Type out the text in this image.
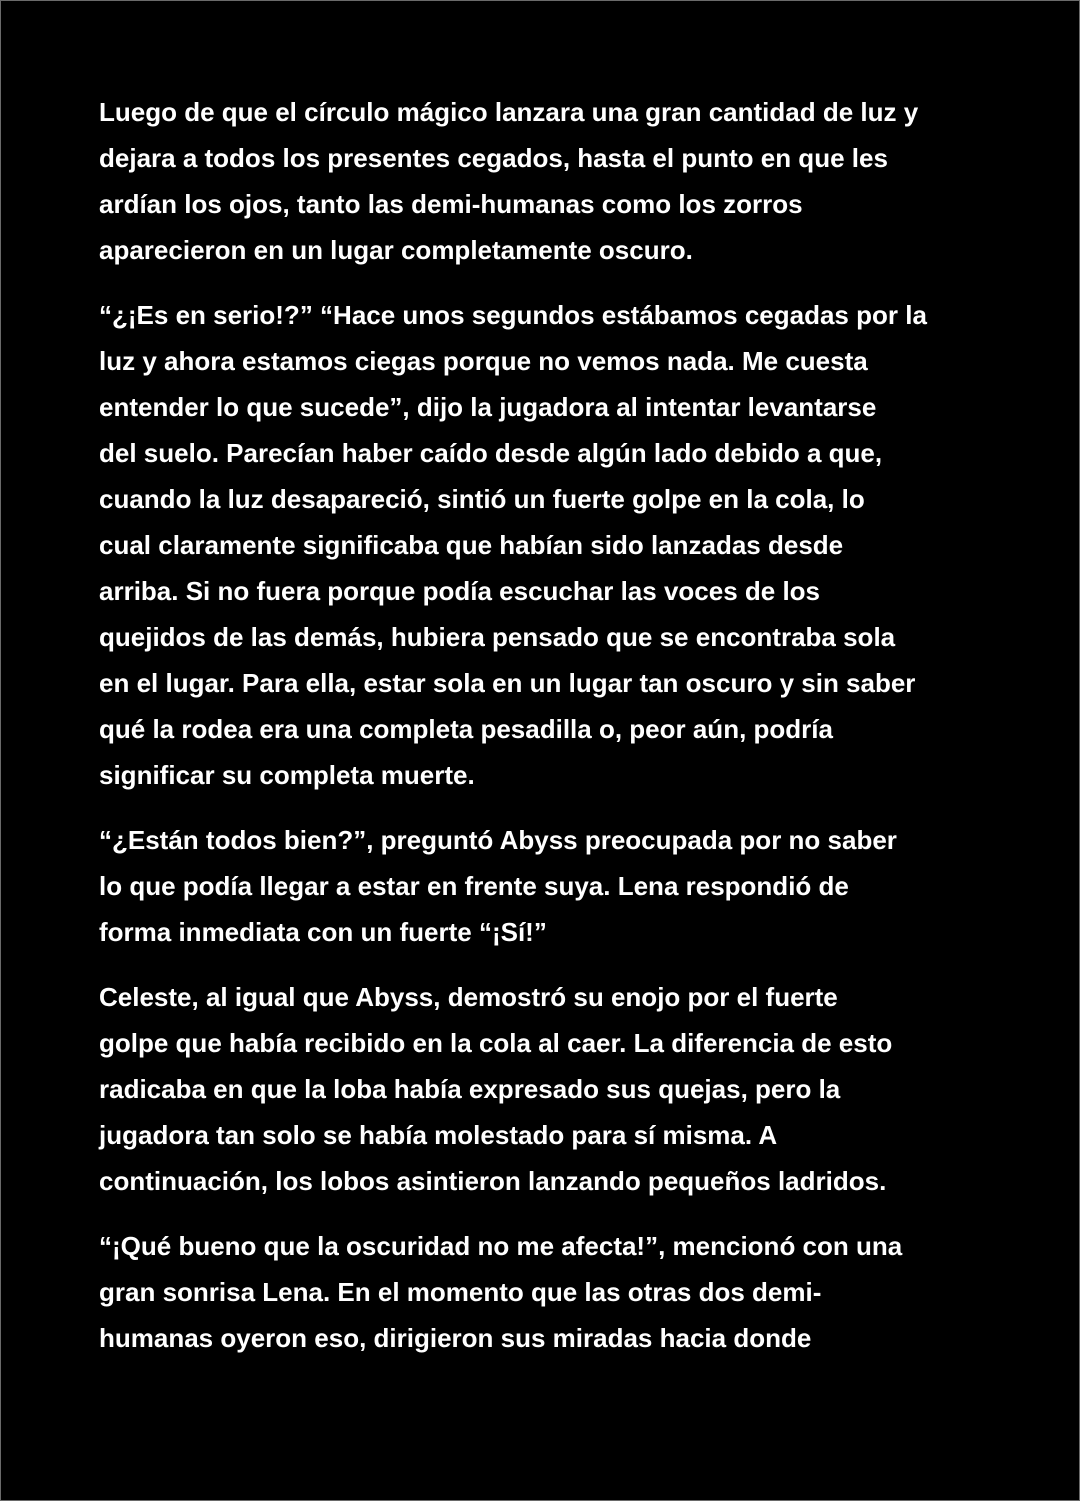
Luego de que el círculo mágico lanzara una gran cantidad de luz y
dejara a todos los presentes cegados, hasta el punto en que les
ardían los ojos, tanto las demi-humanas como los zorros
aparecieron en un lugar completamente oscuro.

“¿¡Es en serio!?” “Hace unos segundos estábamos cegadas por la
luz y ahora estamos ciegas porque no vemos nada. Me cuesta
entender lo que sucede”, dijo la jugadora al intentar levantarse
del suelo. Parecían haber caído desde algún lado debido a que,
cuando la luz desapareció, sintió un fuerte golpe en la cola, lo
cual claramente significaba que habían sido lanzadas desde
arriba. Si no fuera porque podía escuchar las voces de los
quejidos de las demás, hubiera pensado que se encontraba sola
en el lugar. Para ella, estar sola en un lugar tan oscuro y sin saber
qué la rodea era una completa pesadilla o, peor aún, podría
significar su completa muerte.

“¿Están todos bien?”, preguntó Abyss preocupada por no saber
lo que podía llegar a estar en frente suya. Lena respondió de
forma inmediata con un fuerte “¡Sí!”

Celeste, al igual que Abyss, demostró su enojo por el fuerte
golpe que había recibido en la cola al caer. La diferencia de esto
radicaba en que la loba había expresado sus quejas, pero la
jugadora tan solo se había molestado para sí misma. A
continuación, los lobos asintieron lanzando pequeños ladridos.

“¡Qué bueno que la oscuridad no me afecta!”, mencionó con una
gran sonrisa Lena. En el momento que las otras dos demi-
humanas oyeron eso, dirigieron sus miradas hacia donde
